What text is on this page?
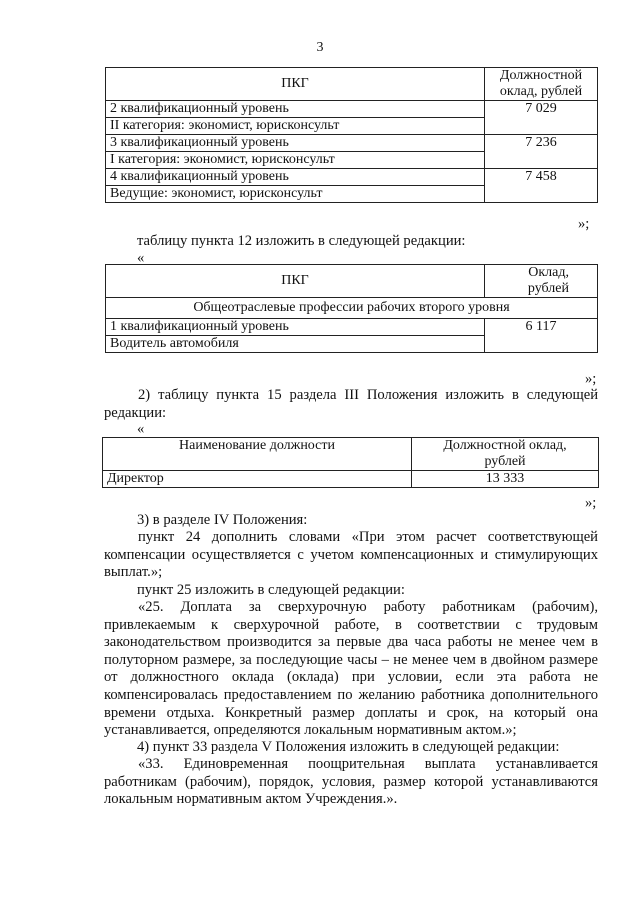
3
ПКГ	Должностной
оклад, рублей
2 квалификационный уровень	7 029
II категория: экономист, юрисконсульт	
3 квалификационный уровень	7 236
I категория: экономист, юрисконсульт	
4 квалификационный уровень	7 458
Ведущие: экономист, юрисконсульт	
»;
таблицу пункта 12 изложить в следующей редакции:
«
ПКГ	Оклад,
рублей
Общеотраслевые профессии рабочих второго уровня	
1 квалификационный уровень	6 117
Водитель автомобиля	
»;
2) таблицу пункта 15 раздела III Положения изложить в следующей редакции:
«
Наименование должности	Должностной оклад,
рублей
Директор	13 333
»;
3) в разделе IV Положения:
пункт 24 дополнить словами «При этом расчет соответствующей компенсации осуществляется с учетом компенсационных и стимулирующих выплат.»;
пункт 25 изложить в следующей редакции:
«25. Доплата за сверхурочную работу работникам (рабочим), привлекаемым к сверхурочной работе, в соответствии с трудовым законодательством производится за первые два часа работы не менее чем в полуторном размере, за последующие часы – не менее чем в двойном размере от должностного оклада (оклада) при условии, если эта работа не компенсировалась предоставлением по желанию работника дополнительного времени отдыха. Конкретный размер доплаты и срок, на который она устанавливается, определяются локальным нормативным актом.»;
4) пункт 33 раздела V Положения изложить в следующей редакции:
«33. Единовременная поощрительная выплата устанавливается работникам (рабочим), порядок, условия, размер которой устанавливаются локальным нормативным актом Учреждения.».
